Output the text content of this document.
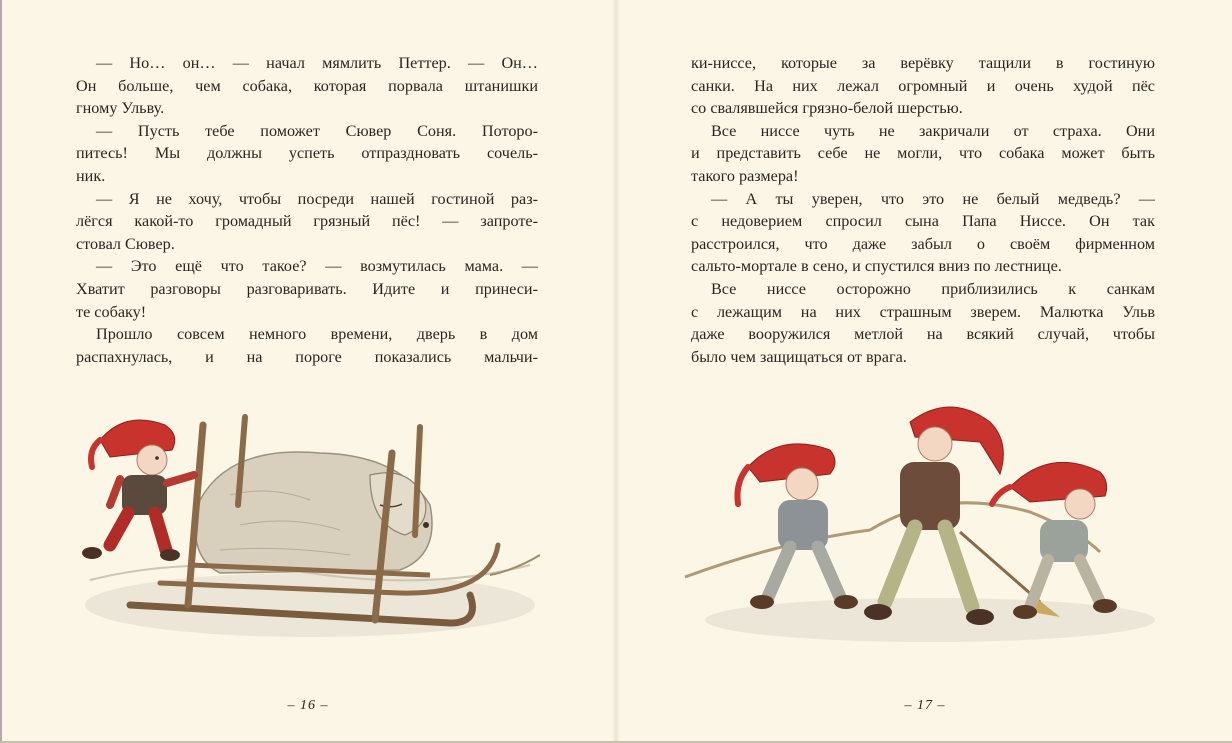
— Но… он… — начал мямлить Петтер. — Он…
Он больше, чем собака, которая порвала штанишки
гному Ульву.
— Пусть тебе поможет Сювер Соня. Поторо-
питесь! Мы должны успеть отпраздновать сочель-
ник.
— Я не хочу, чтобы посреди нашей гостиной раз-
лёгся какой-то громадный грязный пёс! — запроте-
стовал Сювер.
— Это ещё что такое? — возмутилась мама. —
Хватит разговоры разговаривать. Идите и принеси-
те собаку!
Прошло совсем немного времени, дверь в дом
распахнулась, и на пороге показались мальчи-
– 16 –
ки-ниссе, которые за верёвку тащили в гостиную
санки. На них лежал огромный и очень худой пёс
со свалявшейся грязно-белой шерстью.
Все ниссе чуть не закричали от страха. Они
и представить себе не могли, что собака может быть
такого размера!
— А ты уверен, что это не белый медведь? —
с недоверием спросил сына Папа Ниссе. Он так
расстроился, что даже забыл о своём фирменном
сальто-мортале в сено, и спустился вниз по лестнице.
Все ниссе осторожно приблизились к санкам
с лежащим на них страшным зверем. Малютка Ульв
даже вооружился метлой на всякий случай, чтобы
было чем защищаться от врага.
– 17 –
